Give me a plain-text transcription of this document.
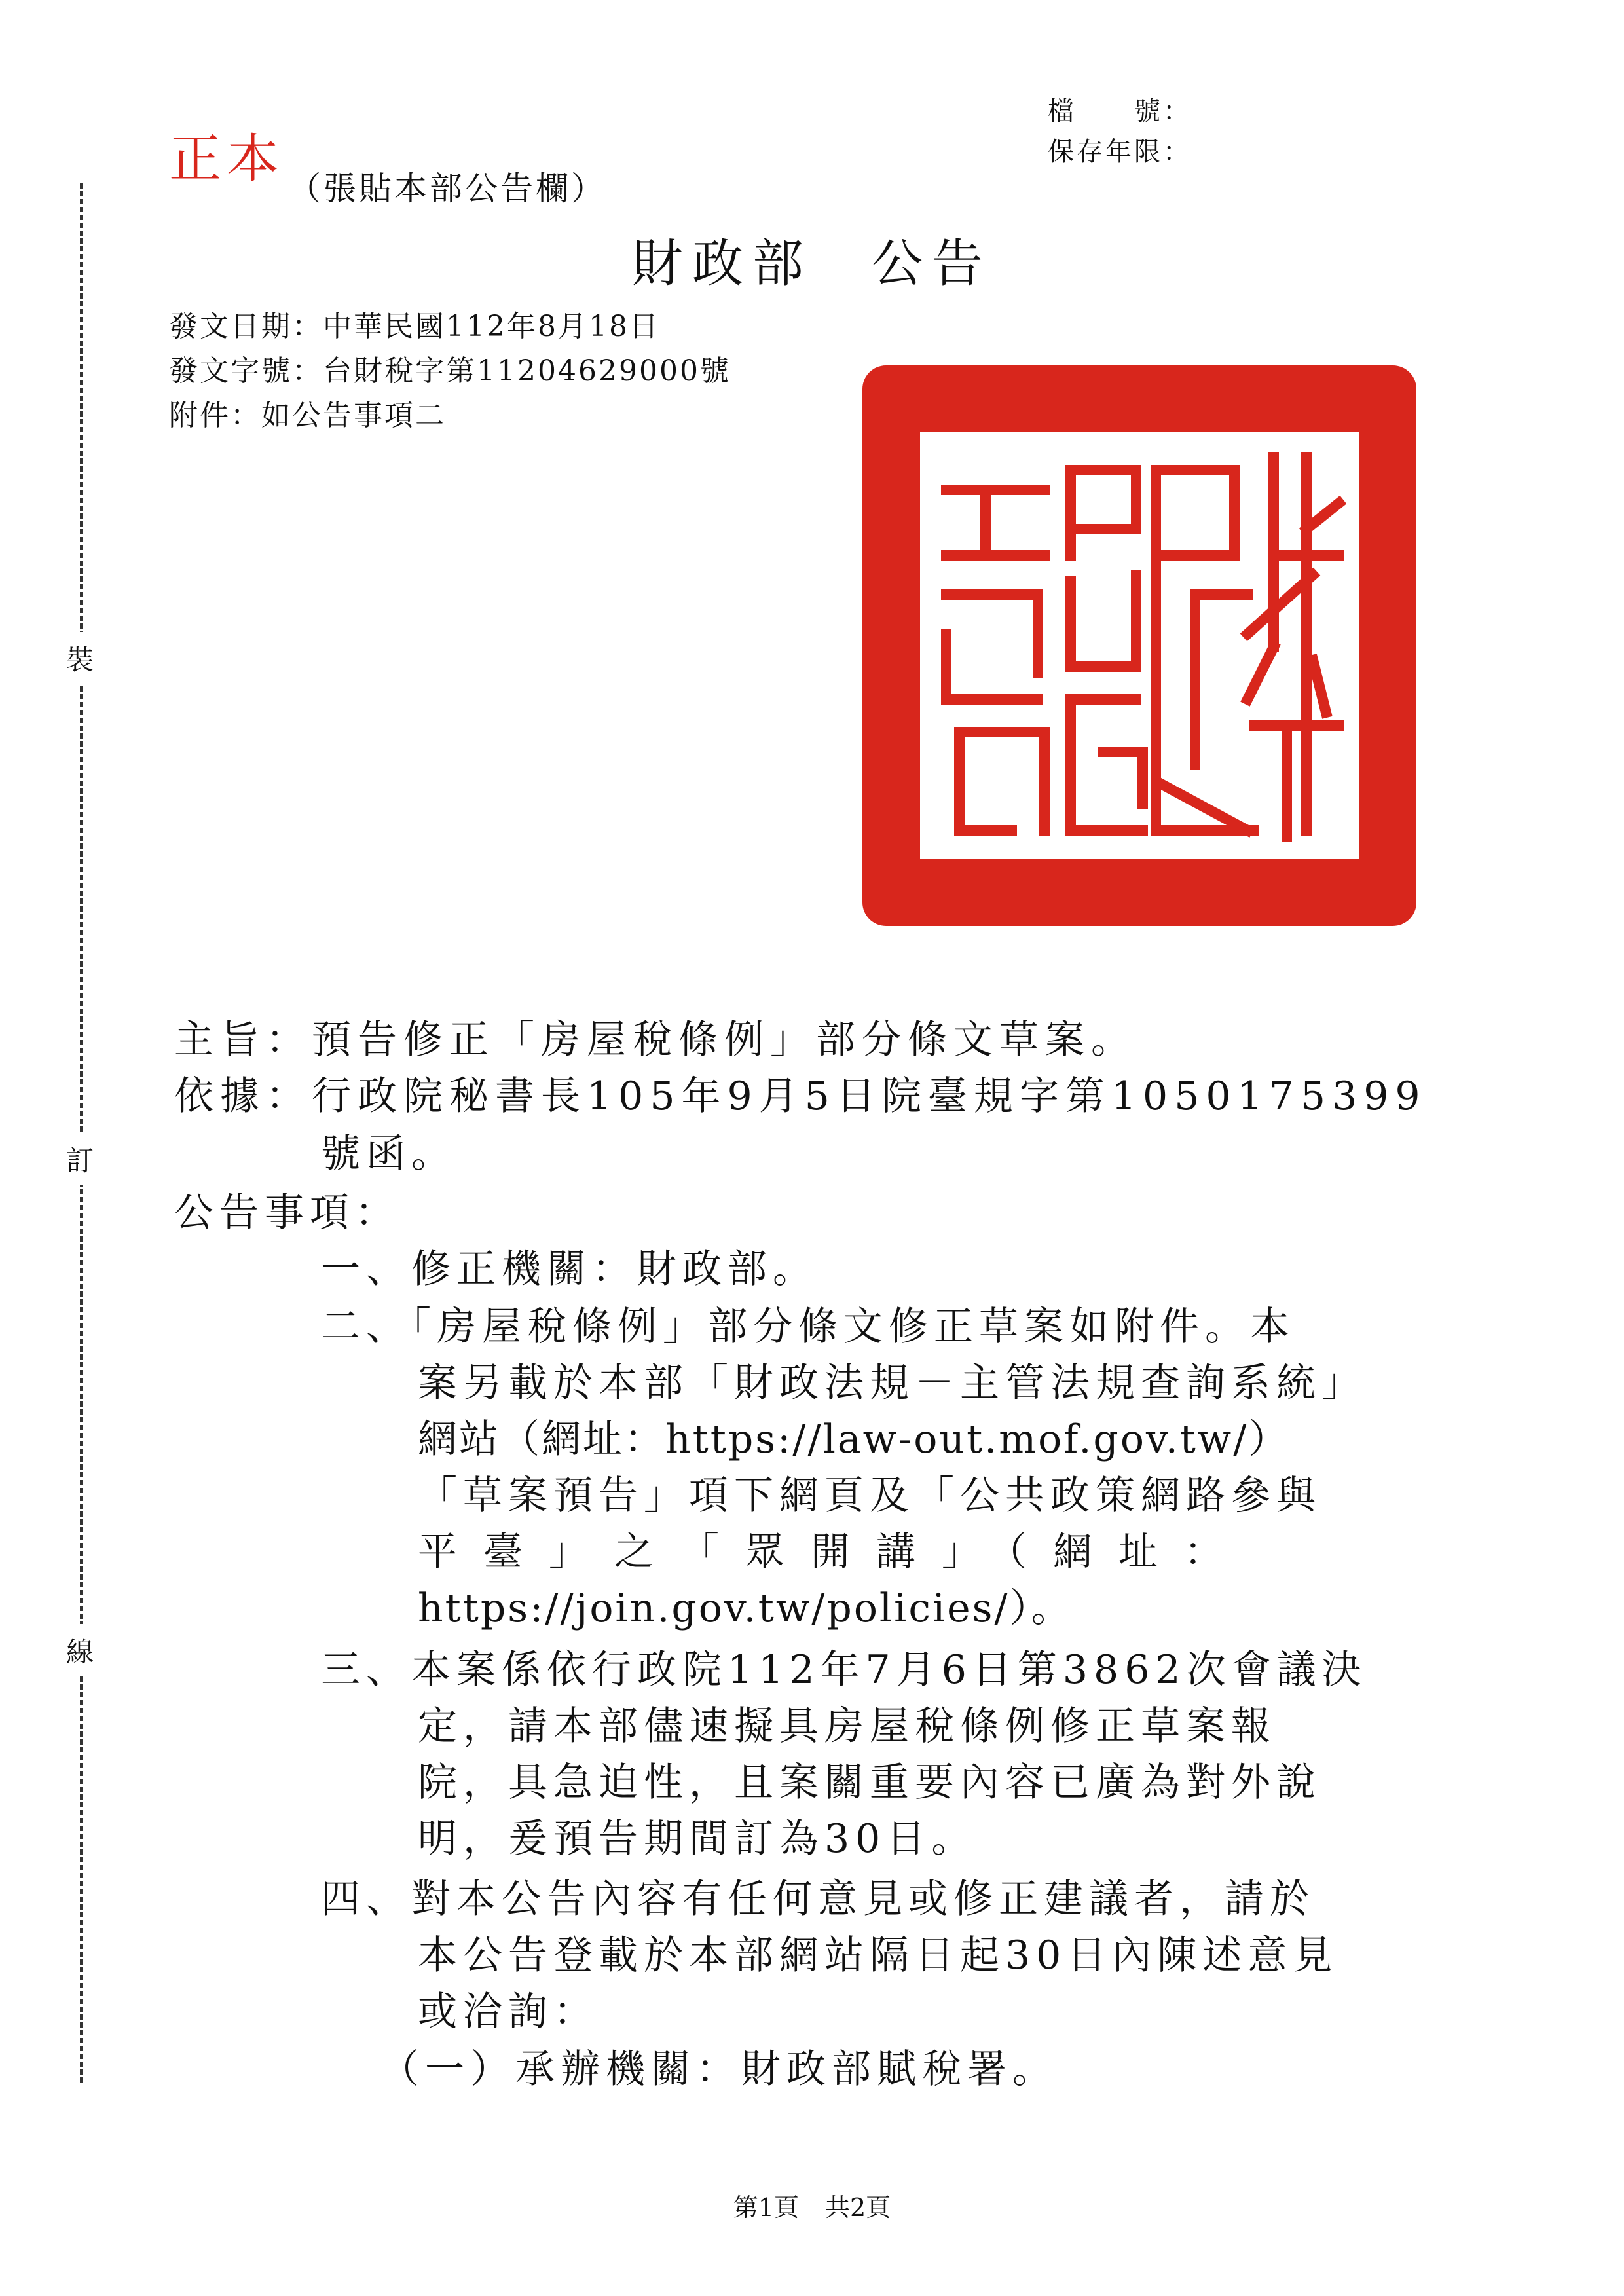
正本 （張貼本部公告欄）
檔　　號：
保存年限：
財政部 公告
發文日期：中華民國112年8月18日
發文字號：台財稅字第11204629000號
附件：如公告事項二
裝
訂
線
主旨：預告修正「房屋稅條例」部分條文草案。
依據：行政院秘書長105年9月5日院臺規字第1050175399
號函。
公告事項：
一、修正機關：財政部。
二、「房屋稅條例」部分條文修正草案如附件。本
案另載於本部「財政法規－主管法規查詢系統」
網站（網址：https://law-out.mof.gov.tw/）
「草案預告」項下網頁及「公共政策網路參與
平臺」之「眾開講」（網址：
https://join.gov.tw/policies/）。
三、本案係依行政院112年7月6日第3862次會議決
定，請本部儘速擬具房屋稅條例修正草案報
院，具急迫性，且案關重要內容已廣為對外說
明，爰預告期間訂為30日。
四、對本公告內容有任何意見或修正建議者，請於
本公告登載於本部網站隔日起30日內陳述意見
或洽詢：
（一）承辦機關：財政部賦稅署。
第1頁 共2頁
